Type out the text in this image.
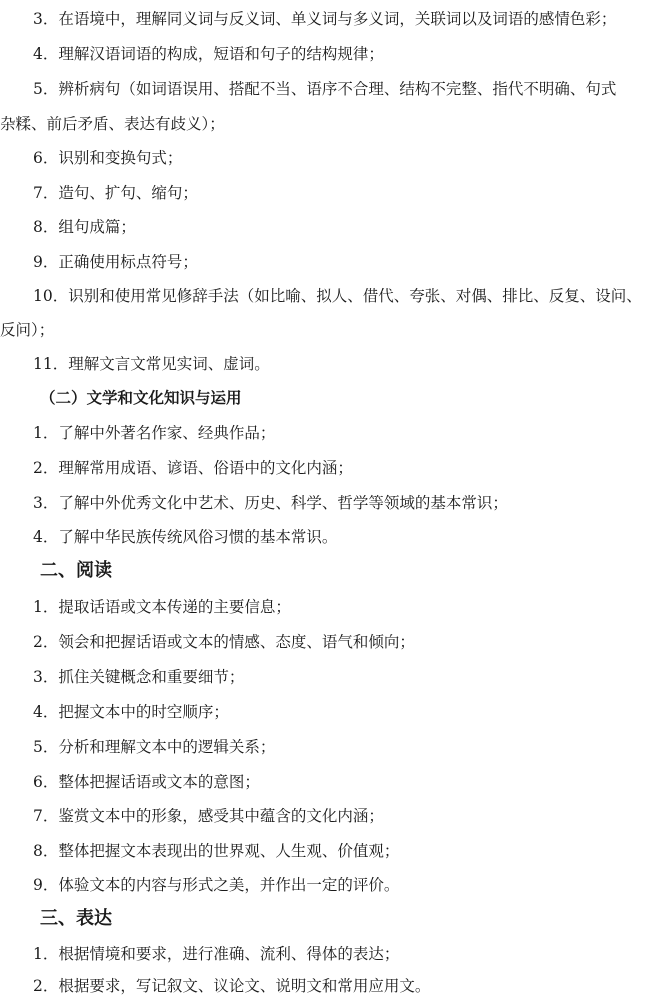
3．在语境中，理解同义词与反义词、单义词与多义词，关联词以及词语的感情色彩；
4．理解汉语词语的构成，短语和句子的结构规律；
5．辨析病句（如词语误用、搭配不当、语序不合理、结构不完整、指代不明确、句式
杂糅、前后矛盾、表达有歧义）；
6．识别和变换句式；
7．造句、扩句、缩句；
8．组句成篇；
9．正确使用标点符号；
10．识别和使用常见修辞手法（如比喻、拟人、借代、夸张、对偶、排比、反复、设问、
反问）；
11．理解文言文常见实词、虚词。
（二）文学和文化知识与运用
1．了解中外著名作家、经典作品；
2．理解常用成语、谚语、俗语中的文化内涵；
3．了解中外优秀文化中艺术、历史、科学、哲学等领域的基本常识；
4．了解中华民族传统风俗习惯的基本常识。
二、阅读
1．提取话语或文本传递的主要信息；
2．领会和把握话语或文本的情感、态度、语气和倾向；
3．抓住关键概念和重要细节；
4．把握文本中的时空顺序；
5．分析和理解文本中的逻辑关系；
6．整体把握话语或文本的意图；
7．鉴赏文本中的形象，感受其中蕴含的文化内涵；
8．整体把握文本表现出的世界观、人生观、价值观；
9．体验文本的内容与形式之美，并作出一定的评价。
三、表达
1．根据情境和要求，进行准确、流利、得体的表达；
2．根据要求，写记叙文、议论文、说明文和常用应用文。
